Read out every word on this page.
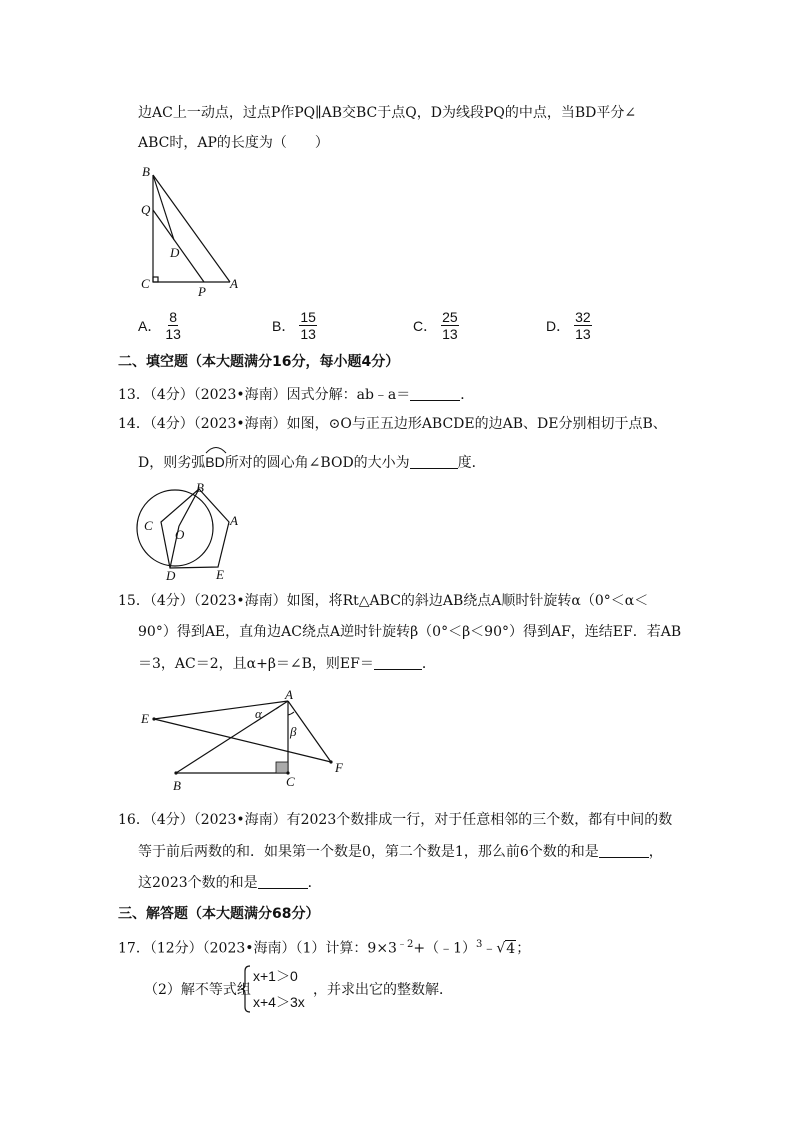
边AC上一动点，过点P作PQ∥AB交BC于点Q，D为线段PQ的中点，当BD平分∠
ABC时，AP的长度为（　　）
B
Q
D
C
P
A
A． $\frac{8}{13}$	B． $\frac{15}{13}$	C． $\frac{25}{13}$	D． $\frac{32}{13}$
二、填空题（本大题满分16分，每小题4分）
13．（4分）（2023•海南）因式分解：ab﹣a＝	．
14．（4分）（2023•海南）如图，⊙O与正五边形ABCDE的边AB、DE分别相切于点B、
D，则劣弧
BD所对的圆心角∠BOD的大小为	度．
B
C
O
A
D	E
15．（4分）（2023•海南）如图，将Rt△ABC的斜边AB绕点A顺时针旋转α（0°＜α＜
90°）得到AE，直角边AC绕点A逆时针旋转β（0°＜β＜90°）得到AF，连结EF．若AB
＝3，AC＝2，且α+β＝∠B，则EF＝	．
A
E	α
β
B	C
F
16．（4分）（2023•海南）有2023个数排成一行，对于任意相邻的三个数，都有中间的数
等于前后两数的和．如果第一个数是0，第二个数是1，那么前6个数的和是	，
这2023个数的和是	．
三、解答题（本大题满分68分）
17．（12分）（2023•海南）（1）计算：$9\times 3^{﹣2}+(﹣1)^3﹣√4$；
（2）解不等式组
x+1＞0
x+4＞3x
，并求出它的整数解．
